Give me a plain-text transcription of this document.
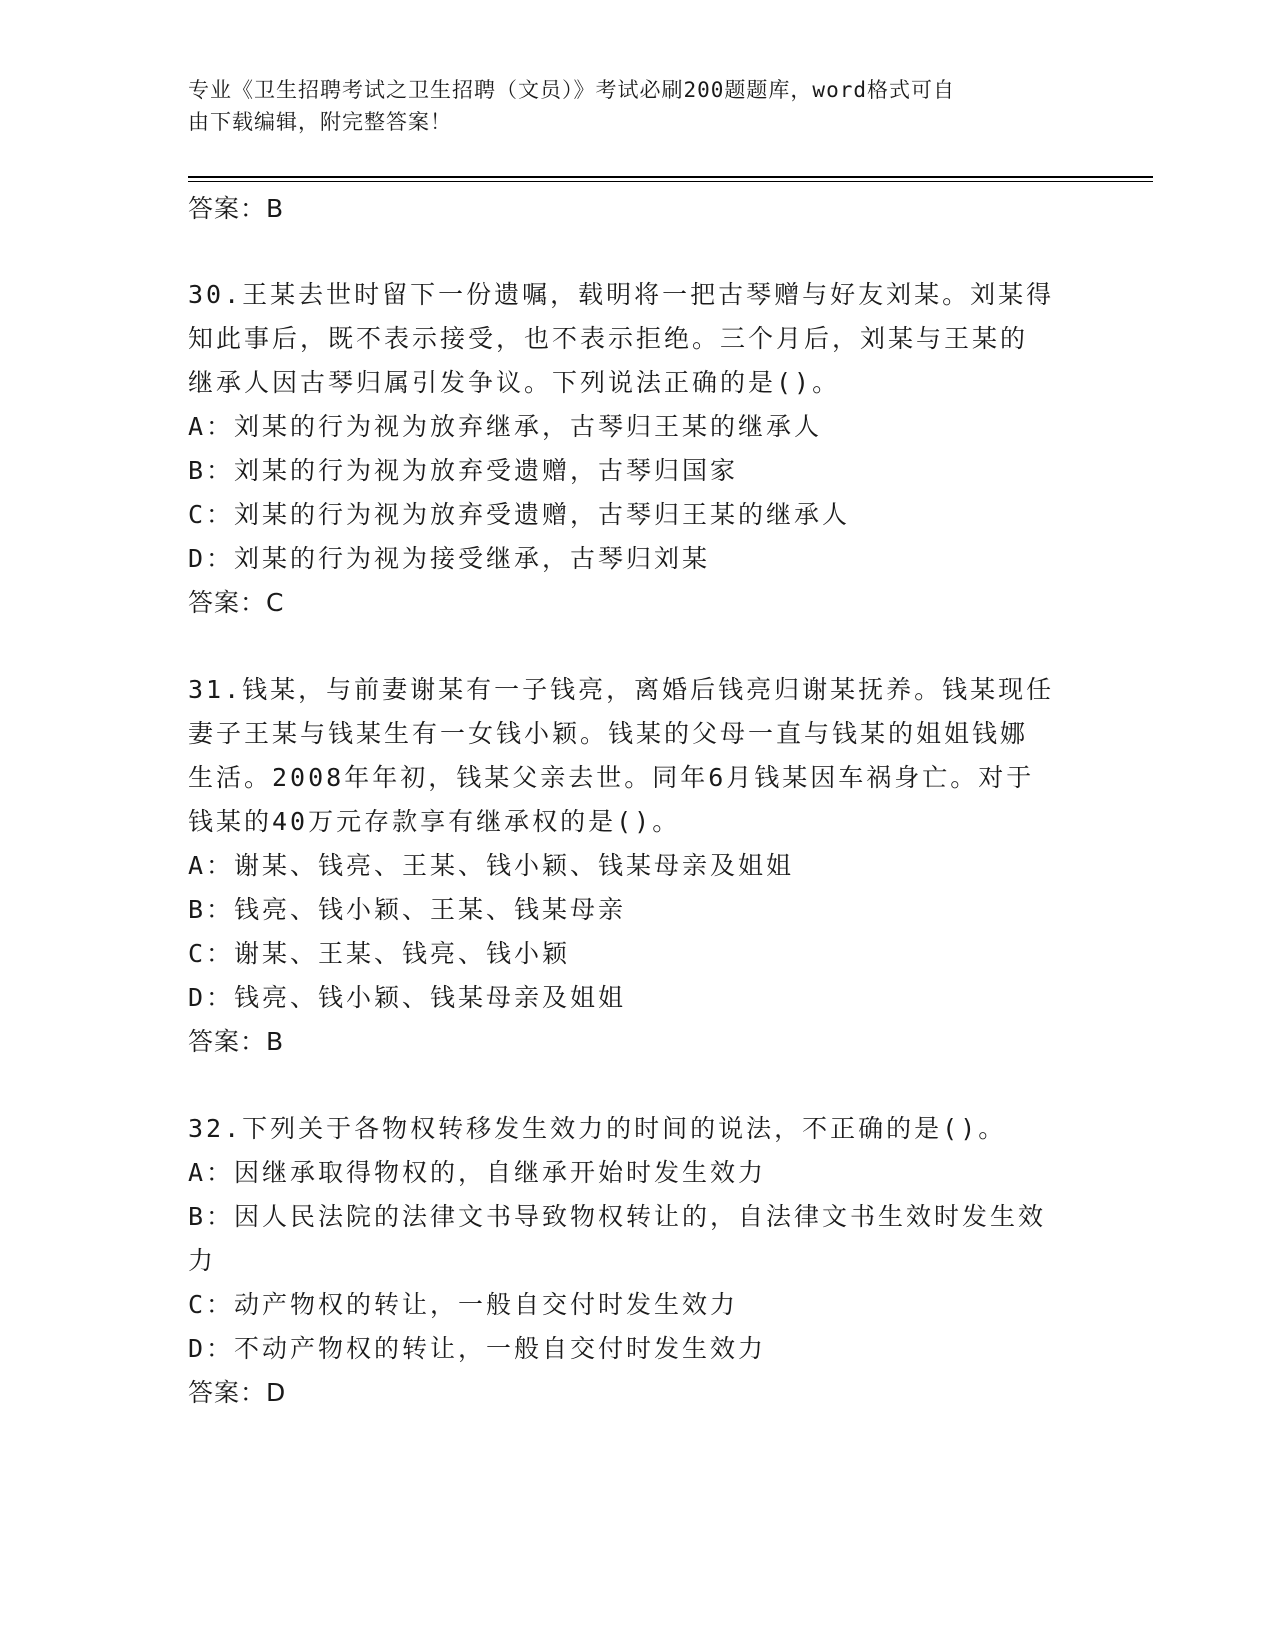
专业《卫生招聘考试之卫生招聘（文员）》考试必刷200题题库，word格式可自
由下载编辑，附完整答案！
答案：B
30.王某去世时留下一份遗嘱，载明将一把古琴赠与好友刘某。刘某得
知此事后，既不表示接受，也不表示拒绝。三个月后，刘某与王某的
继承人因古琴归属引发争议。下列说法正确的是()。
A：刘某的行为视为放弃继承，古琴归王某的继承人
B：刘某的行为视为放弃受遗赠，古琴归国家
C：刘某的行为视为放弃受遗赠，古琴归王某的继承人
D：刘某的行为视为接受继承，古琴归刘某
答案：C
31.钱某，与前妻谢某有一子钱亮，离婚后钱亮归谢某抚养。钱某现任
妻子王某与钱某生有一女钱小颖。钱某的父母一直与钱某的姐姐钱娜
生活。2008年年初，钱某父亲去世。同年6月钱某因车祸身亡。对于
钱某的40万元存款享有继承权的是()。
A：谢某、钱亮、王某、钱小颖、钱某母亲及姐姐
B：钱亮、钱小颖、王某、钱某母亲
C：谢某、王某、钱亮、钱小颖
D：钱亮、钱小颖、钱某母亲及姐姐
答案：B
32.下列关于各物权转移发生效力的时间的说法，不正确的是()。
A：因继承取得物权的，自继承开始时发生效力
B：因人民法院的法律文书导致物权转让的，自法律文书生效时发生效
力
C：动产物权的转让，一般自交付时发生效力
D：不动产物权的转让，一般自交付时发生效力
答案：D
